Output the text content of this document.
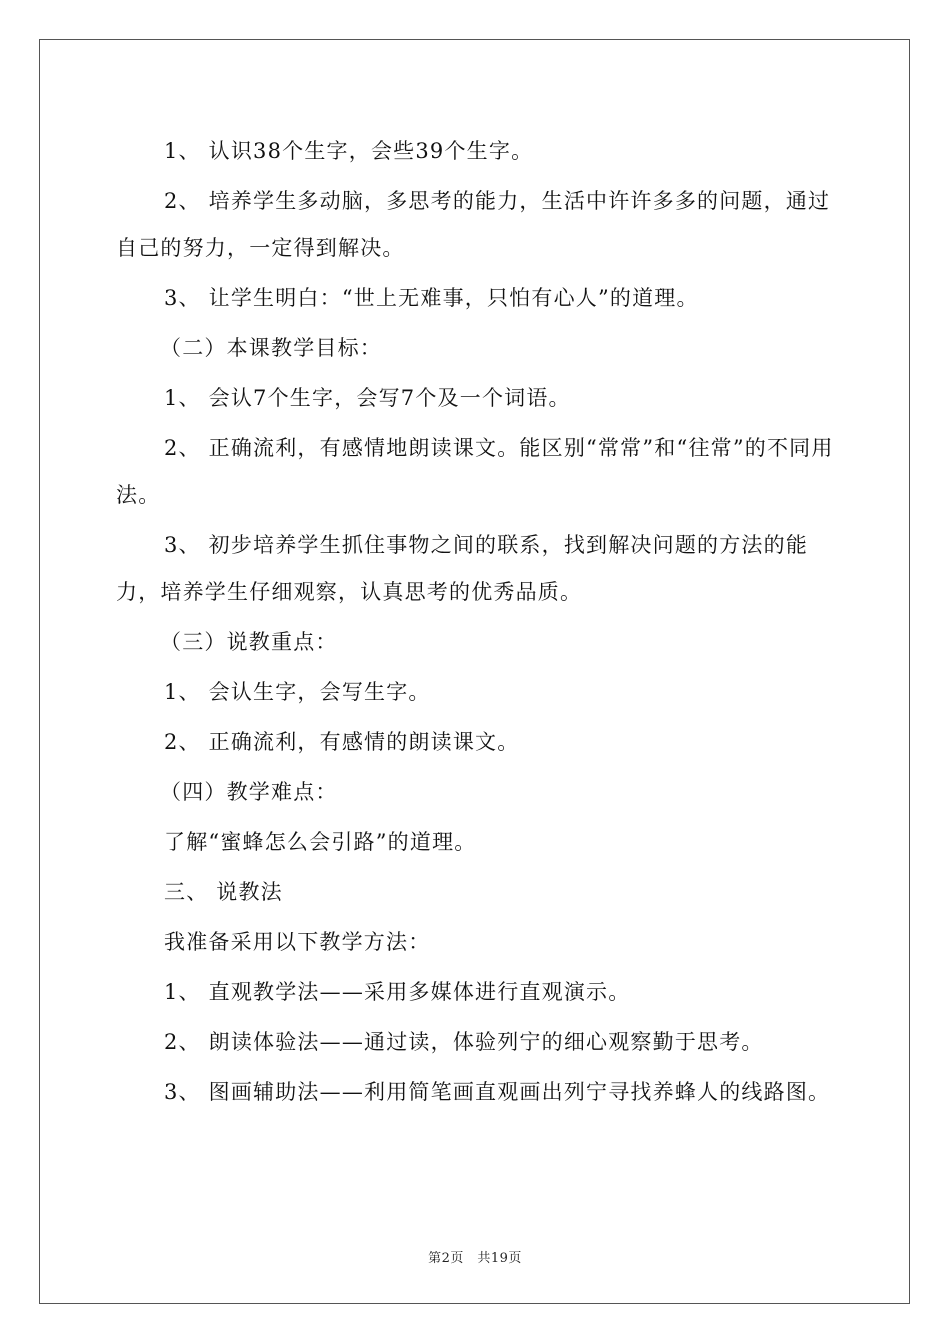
1、 认识38个生字，会些39个生字。

2、 培养学生多动脑，多思考的能力，生活中许许多多的问题，通过自己的努力，一定得到解决。

3、 让学生明白：“世上无难事，只怕有心人”的道理。

（二）本课教学目标：

1、 会认7个生字，会写7个及一个词语。

2、 正确流利，有感情地朗读课文。能区别“常常”和“往常”的不同用法。

3、 初步培养学生抓住事物之间的联系，找到解决问题的方法的能力，培养学生仔细观察，认真思考的优秀品质。

（三）说教重点：

1、 会认生字，会写生字。

2、 正确流利，有感情的朗读课文。

（四）教学难点：

了解“蜜蜂怎么会引路”的道理。

三、 说教法

我准备采用以下教学方法：

1、 直观教学法——采用多媒体进行直观演示。

2、 朗读体验法——通过读，体验列宁的细心观察勤于思考。

3、 图画辅助法——利用简笔画直观画出列宁寻找养蜂人的线路图。

第2页　共19页
